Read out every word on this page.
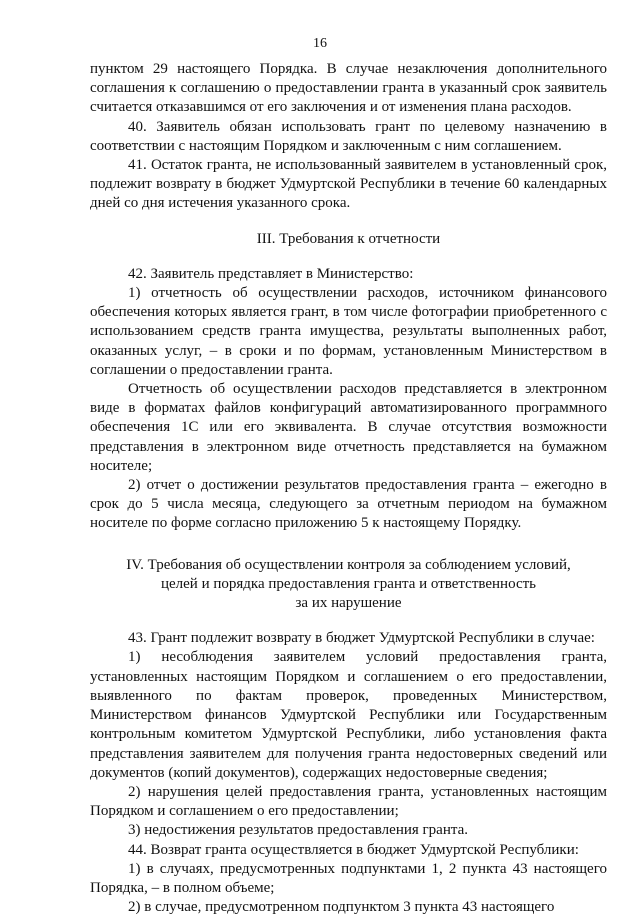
16

пунктом 29 настоящего Порядка. В случае незаключения дополнительного соглашения к соглашению о предоставлении гранта в указанный срок заявитель считается отказавшимся от его заключения и от изменения плана расходов.

40. Заявитель обязан использовать грант по целевому назначению в соответствии с настоящим Порядком и заключенным с ним соглашением.

41. Остаток гранта, не использованный заявителем в установленный срок, подлежит возврату в бюджет Удмуртской Республики в течение 60 календарных дней со дня истечения указанного срока.

III. Требования к отчетности

42. Заявитель представляет в Министерство:

1) отчетность об осуществлении расходов, источником финансового обеспечения которых является грант, в том числе фотографии приобретенного с использованием средств гранта имущества, результаты выполненных работ, оказанных услуг, – в сроки и по формам, установленным Министерством в соглашении о предоставлении гранта.

Отчетность об осуществлении расходов представляется в электронном виде в форматах файлов конфигураций автоматизированного программного обеспечения 1С или его эквивалента. В случае отсутствия возможности представления в электронном виде отчетность представляется на бумажном носителе;

2) отчет о достижении результатов предоставления гранта – ежегодно в срок до 5 числа месяца, следующего за отчетным периодом на бумажном носителе по форме согласно приложению 5 к настоящему Порядку.

IV. Требования об осуществлении контроля за соблюдением условий,
целей и порядка предоставления гранта и ответственность
за их нарушение

43. Грант подлежит возврату в бюджет Удмуртской Республики в случае:

1) несоблюдения заявителем условий предоставления гранта, установленных настоящим Порядком и соглашением о его предоставлении, выявленного по фактам проверок, проведенных Министерством, Министерством финансов Удмуртской Республики или Государственным контрольным комитетом Удмуртской Республики, либо установления факта представления заявителем для получения гранта недостоверных сведений или документов (копий документов), содержащих недостоверные сведения;

2) нарушения целей предоставления гранта, установленных настоящим Порядком и соглашением о его предоставлении;

3) недостижения результатов предоставления гранта.

44. Возврат гранта осуществляется в бюджет Удмуртской Республики:

1) в случаях, предусмотренных подпунктами 1, 2 пункта 43 настоящего Порядка, – в полном объеме;

2) в случае, предусмотренном подпунктом 3 пункта 43 настоящего
